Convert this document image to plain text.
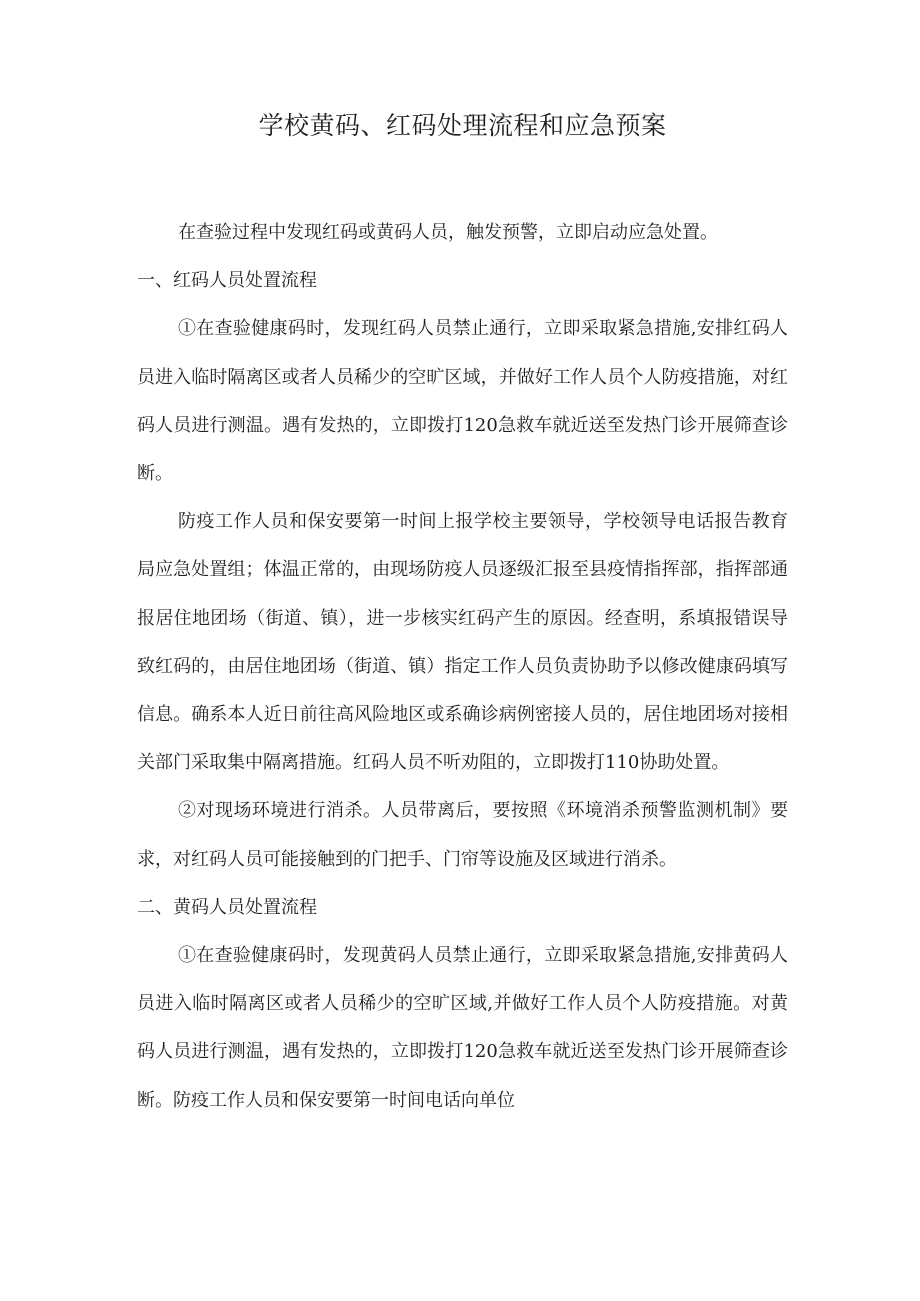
学校黄码、红码处理流程和应急预案

在查验过程中发现红码或黄码人员，触发预警，立即启动应急处置。

一、红码人员处置流程

①在查验健康码时，发现红码人员禁止通行，立即采取紧急措施,安排红码人员进入临时隔离区或者人员稀少的空旷区域，并做好工作人员个人防疫措施，对红码人员进行测温。遇有发热的，立即拨打120急救车就近送至发热门诊开展筛查诊断。

防疫工作人员和保安要第一时间上报学校主要领导，学校领导电话报告教育局应急处置组；体温正常的，由现场防疫人员逐级汇报至县疫情指挥部，指挥部通报居住地团场（街道、镇），进一步核实红码产生的原因。经查明，系填报错误导致红码的，由居住地团场（街道、镇）指定工作人员负责协助予以修改健康码填写信息。确系本人近日前往高风险地区或系确诊病例密接人员的，居住地团场对接相关部门采取集中隔离措施。红码人员不听劝阻的，立即拨打110协助处置。

②对现场环境进行消杀。人员带离后，要按照《环境消杀预警监测机制》要求，对红码人员可能接触到的门把手、门帘等设施及区域进行消杀。

二、黄码人员处置流程

①在查验健康码时，发现黄码人员禁止通行，立即采取紧急措施,安排黄码人员进入临时隔离区或者人员稀少的空旷区域,并做好工作人员个人防疫措施。对黄码人员进行测温，遇有发热的，立即拨打120急救车就近送至发热门诊开展筛查诊断。防疫工作人员和保安要第一时间电话向单位
